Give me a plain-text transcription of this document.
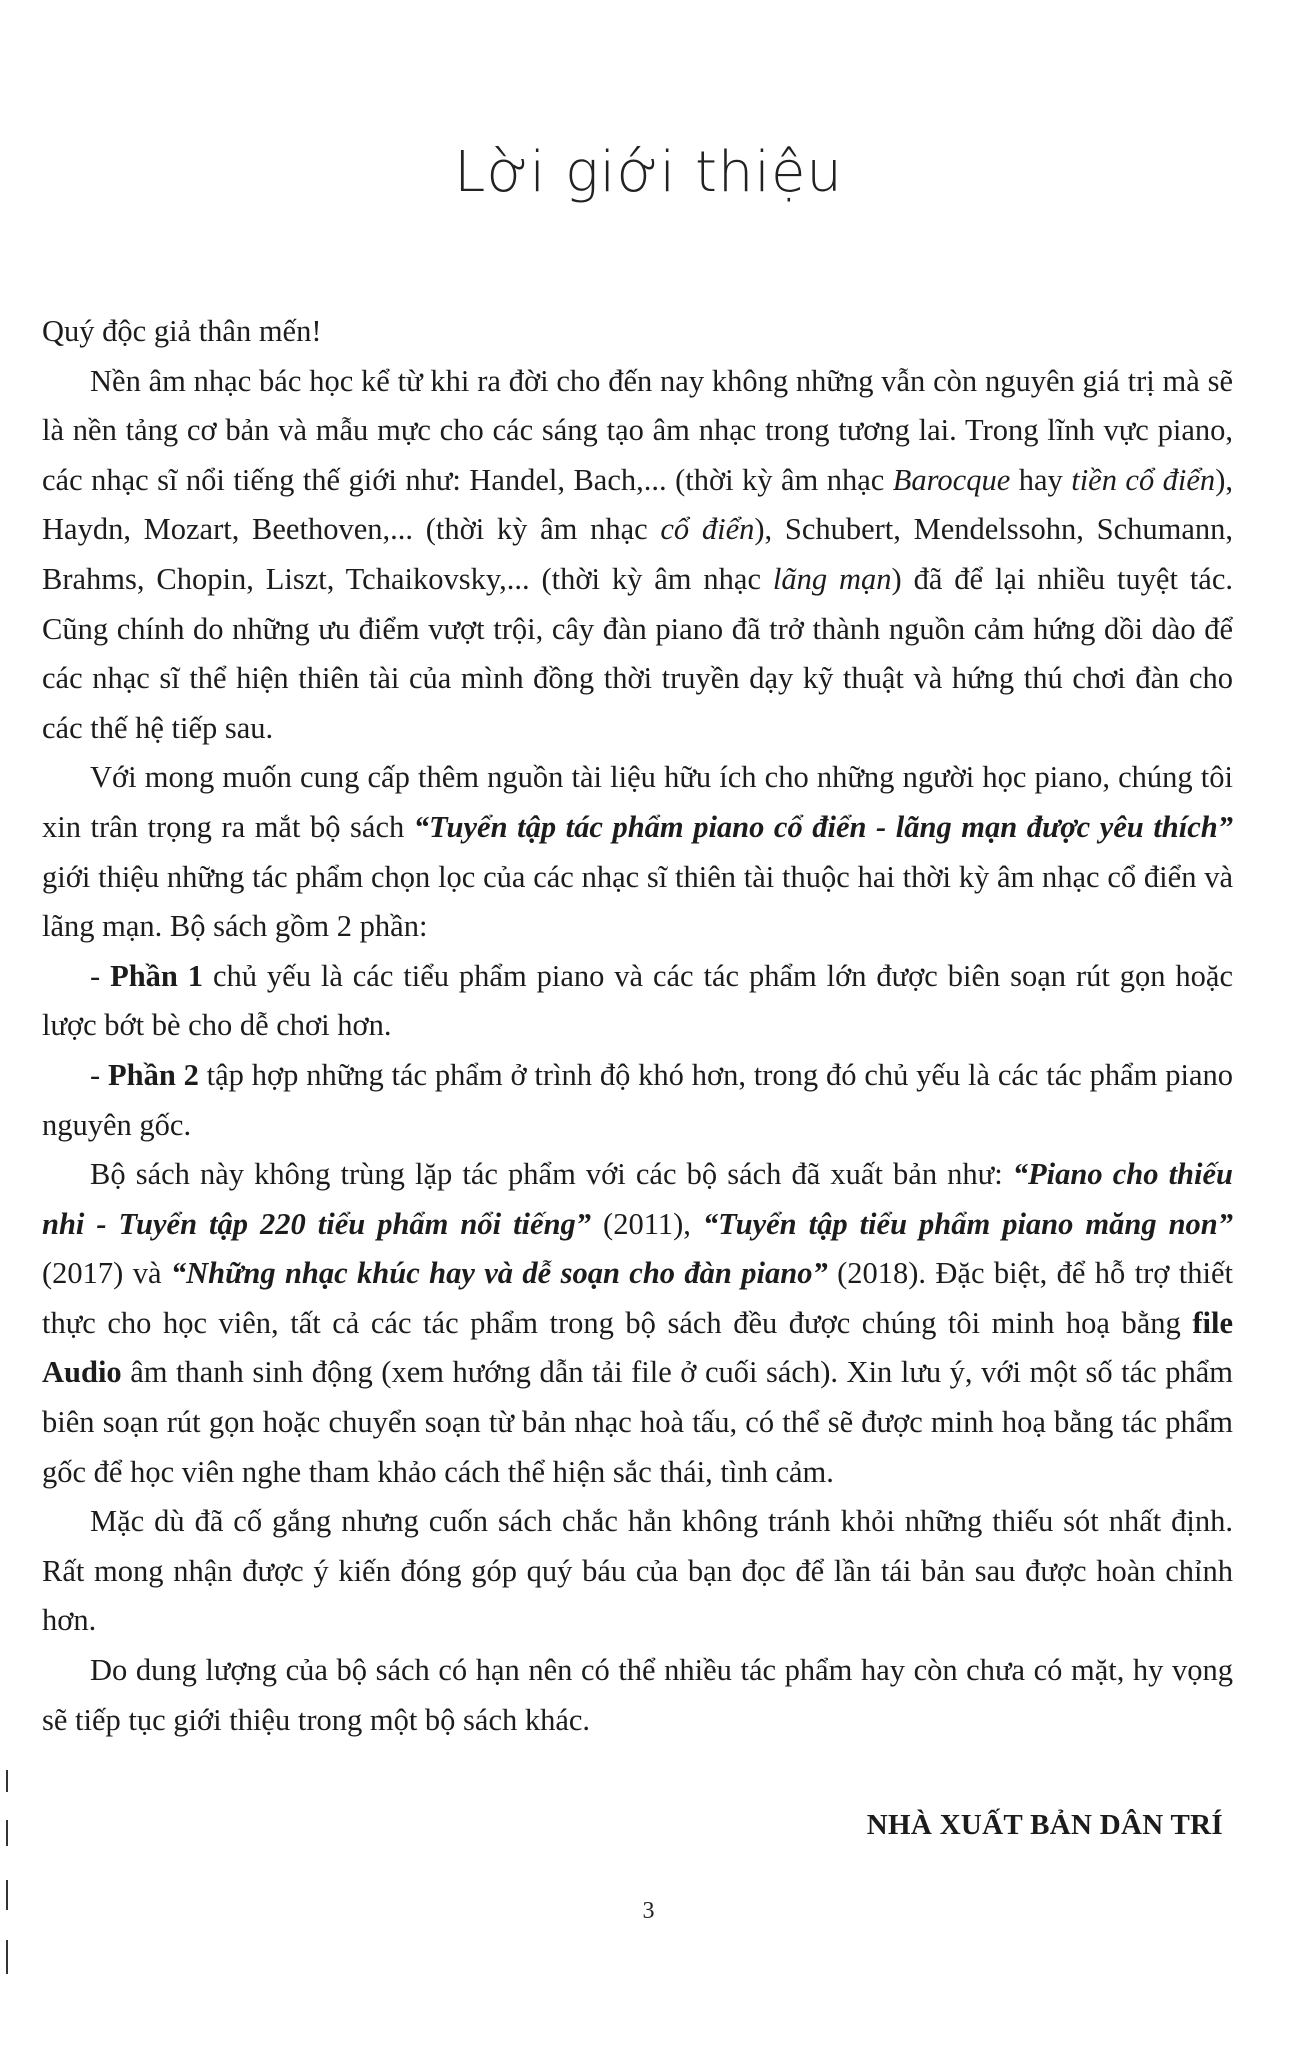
Lời giới thiệu

Quý độc giả thân mến!

Nền âm nhạc bác học kể từ khi ra đời cho đến nay không những vẫn còn nguyên giá trị mà sẽ là nền tảng cơ bản và mẫu mực cho các sáng tạo âm nhạc trong tương lai. Trong lĩnh vực piano, các nhạc sĩ nổi tiếng thế giới như: Handel, Bach,... (thời kỳ âm nhạc Barocque hay tiền cổ điển), Haydn, Mozart, Beethoven,... (thời kỳ âm nhạc cổ điển), Schubert, Mendelssohn, Schumann, Brahms, Chopin, Liszt, Tchaikovsky,... (thời kỳ âm nhạc lãng mạn) đã để lại nhiều tuyệt tác. Cũng chính do những ưu điểm vượt trội, cây đàn piano đã trở thành nguồn cảm hứng dồi dào để các nhạc sĩ thể hiện thiên tài của mình đồng thời truyền dạy kỹ thuật và hứng thú chơi đàn cho các thế hệ tiếp sau.

Với mong muốn cung cấp thêm nguồn tài liệu hữu ích cho những người học piano, chúng tôi xin trân trọng ra mắt bộ sách “Tuyển tập tác phẩm piano cổ điển - lãng mạn được yêu thích” giới thiệu những tác phẩm chọn lọc của các nhạc sĩ thiên tài thuộc hai thời kỳ âm nhạc cổ điển và lãng mạn. Bộ sách gồm 2 phần:

- Phần 1 chủ yếu là các tiểu phẩm piano và các tác phẩm lớn được biên soạn rút gọn hoặc lược bớt bè cho dễ chơi hơn.

- Phần 2 tập hợp những tác phẩm ở trình độ khó hơn, trong đó chủ yếu là các tác phẩm piano nguyên gốc.

Bộ sách này không trùng lặp tác phẩm với các bộ sách đã xuất bản như: “Piano cho thiếu nhi - Tuyển tập 220 tiểu phẩm nổi tiếng” (2011), “Tuyển tập tiểu phẩm piano măng non” (2017) và “Những nhạc khúc hay và dễ soạn cho đàn piano” (2018). Đặc biệt, để hỗ trợ thiết thực cho học viên, tất cả các tác phẩm trong bộ sách đều được chúng tôi minh hoạ bằng file Audio âm thanh sinh động (xem hướng dẫn tải file ở cuối sách). Xin lưu ý, với một số tác phẩm biên soạn rút gọn hoặc chuyển soạn từ bản nhạc hoà tấu, có thể sẽ được minh hoạ bằng tác phẩm gốc để học viên nghe tham khảo cách thể hiện sắc thái, tình cảm.

Mặc dù đã cố gắng nhưng cuốn sách chắc hẳn không tránh khỏi những thiếu sót nhất định. Rất mong nhận được ý kiến đóng góp quý báu của bạn đọc để lần tái bản sau được hoàn chỉnh hơn.

Do dung lượng của bộ sách có hạn nên có thể nhiều tác phẩm hay còn chưa có mặt, hy vọng sẽ tiếp tục giới thiệu trong một bộ sách khác.

NHÀ XUẤT BẢN DÂN TRÍ
3
